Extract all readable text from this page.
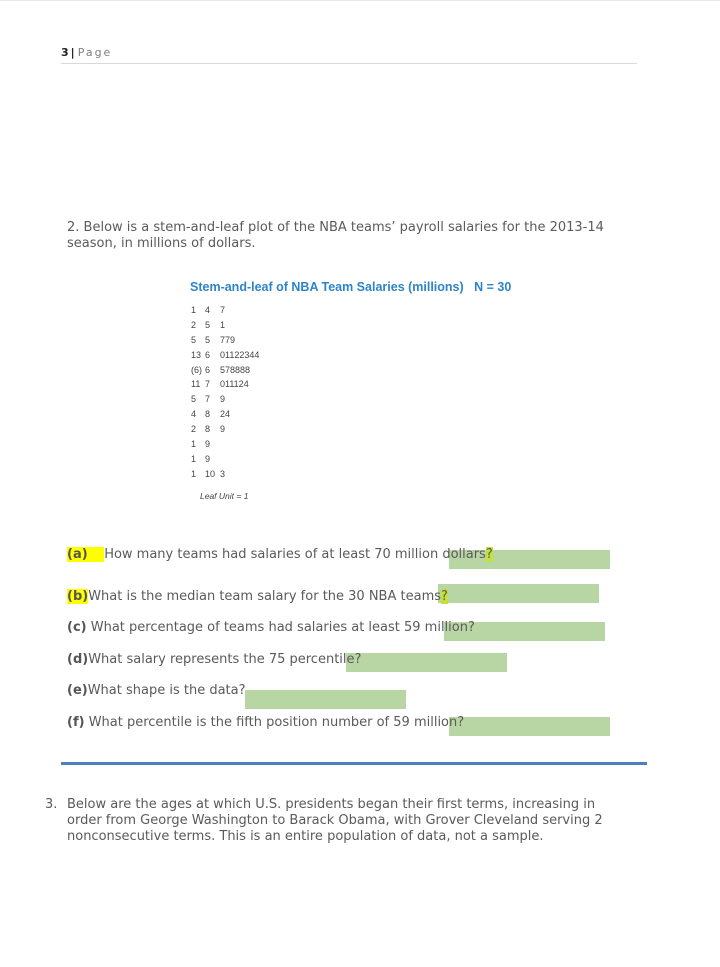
3 | Page
2. Below is a stem-and-leaf plot of the NBA teams’ payroll salaries for the 2013-14 season, in millions of dollars.
Stem-and-leaf of NBA Team Salaries (millions)   N = 30
1 4 7
2 5 1
5 5 779
13 6 01122344
(6) 6 578888
11 7 011124
5 7 9
4 8 24
2 8 9
1 9
1 9
1 10 3
Leaf Unit = 1
(a) How many teams had salaries of at least 70 million dollars?
(b)What is the median team salary for the 30 NBA teams?
(c) What percentage of teams had salaries at least 59 million?
(d)What salary represents the 75 percentile?
(e)What shape is the data?
(f) What percentile is the fifth position number of 59 million?
3. Below are the ages at which U.S. presidents began their first terms, increasing in order from George Washington to Barack Obama, with Grover Cleveland serving 2 nonconsecutive terms. This is an entire population of data, not a sample.
